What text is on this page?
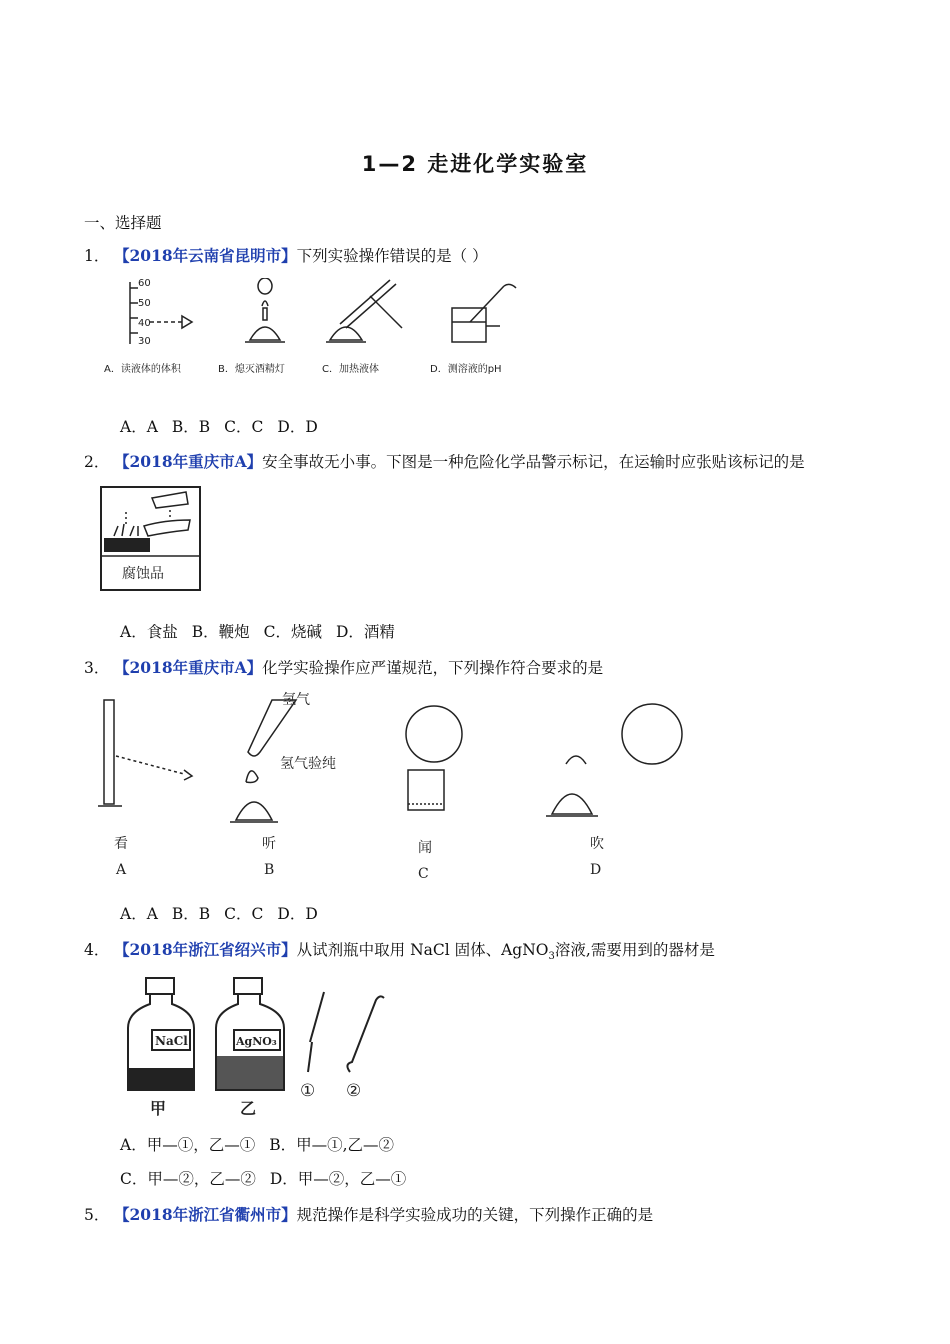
1—2 走进化学实验室
一、选择题
1． 【2018年云南省昆明市】下列实验操作错误的是（ ）
60
50
40
30
A．读液体的体积	B．熄灭酒精灯	C．加热液体	D．测溶液的pH
A．A B．B C．C D．D
2． 【2018年重庆市A】安全事故无小事。下图是一种危险化学品警示标记，在运输时应张贴该标记的是
腐蚀品
A．食盐 B．鞭炮 C．烧碱 D．酒精
3． 【2018年重庆市A】化学实验操作应严谨规范，下列操作符合要求的是
氢气
氢气验纯
看
A
听
B
闻
C
吹
D
A．A B．B C．C D．D
4． 【2018年浙江省绍兴市】从试剂瓶中取用 NaCl 固体、AgNO$_3$溶液,需要用到的器材是
NaCl	AgNO₃
甲	乙
① ②
A．甲—①，乙—① B．甲—①,乙—②
C．甲—②，乙—② D．甲—②，乙—①
5． 【2018年浙江省衢州市】规范操作是科学实验成功的关键，下列操作正确的是
